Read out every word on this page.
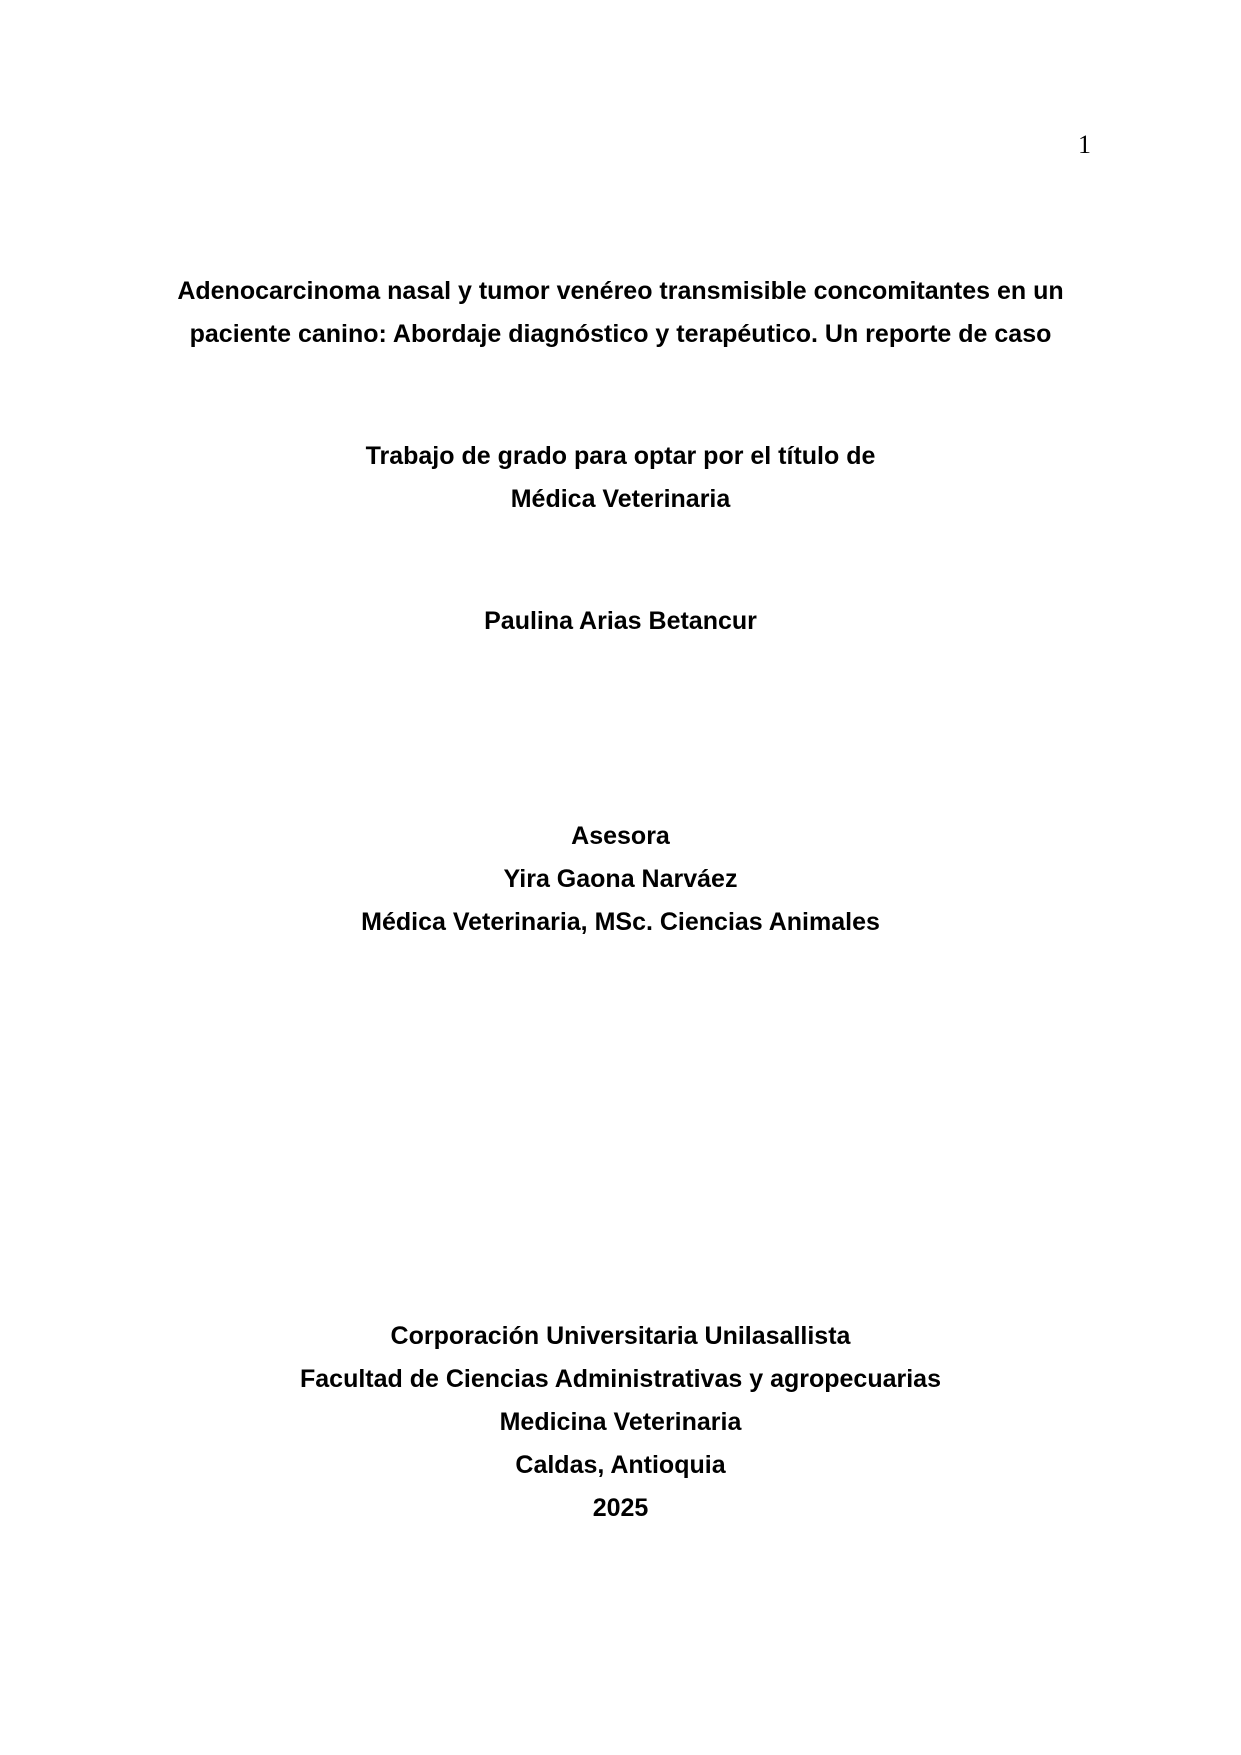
1
Adenocarcinoma nasal y tumor venéreo transmisible concomitantes en un
paciente canino: Abordaje diagnóstico y terapéutico. Un reporte de caso
Trabajo de grado para optar por el título de
Médica Veterinaria
Paulina Arias Betancur
Asesora
Yira Gaona Narváez
Médica Veterinaria, MSc. Ciencias Animales
Corporación Universitaria Unilasallista
Facultad de Ciencias Administrativas y agropecuarias
Medicina Veterinaria
Caldas, Antioquia
2025
